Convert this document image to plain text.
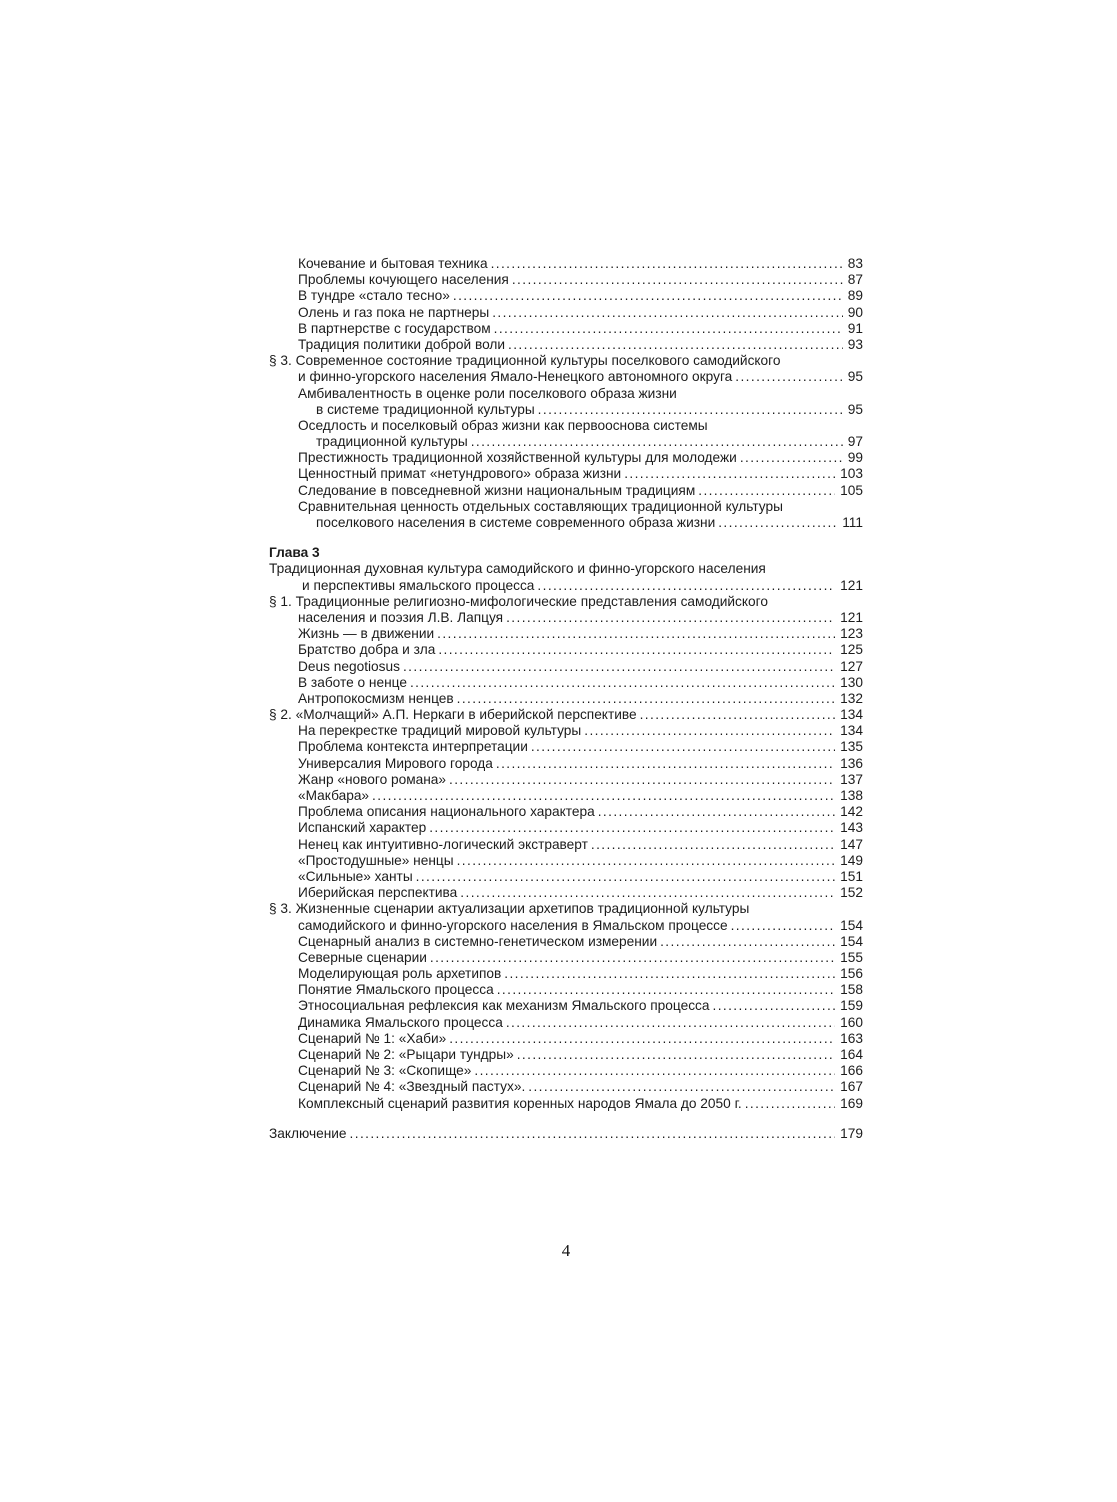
Кочевание и бытовая техника .....	83
Проблемы кочующего населения .....	87
В тундре «стало тесно» .....	89
Олень и газ пока не партнеры .....	90
В партнерстве с государством .....	91
Традиция политики доброй воли .....	93
§ 3. Современное состояние традиционной культуры поселкового самодийского
и финно-угорского населения Ямало-Ненецкого автономного округа .....	95
Амбивалентность в оценке роли поселкового образа жизни
в системе традиционной культуры .....	95
Оседлость и поселковый образ жизни как первооснова системы
традиционной культуры .....	97
Престижность традиционной хозяйственной культуры для молодежи .....	99
Ценностный примат «нетундрового» образа жизни .....	103
Следование в повседневной жизни национальным традициям .....	105
Сравнительная ценность отдельных составляющих традиционной культуры
поселкового населения в системе современного образа жизни .....	111
Глава 3
Традиционная духовная культура самодийского и финно-угорского населения
и перспективы ямальского процесса .....	121
§ 1. Традиционные религиозно-мифологические представления самодийского
населения и поэзия Л.В. Лапцуя .....	121
Жизнь — в движении .....	123
Братство добра и зла .....	125
Deus negotiosus .....	127
В заботе о ненце .....	130
Антропокосмизм ненцев .....	132
§ 2. «Молчащий» А.П. Неркаги в иберийской перспективе .....	134
На перекрестке традиций мировой культуры .....	134
Проблема контекста интерпретации .....	135
Универсалия Мирового города .....	136
Жанр «нового романа» .....	137
«Макбара» .....	138
Проблема описания национального характера .....	142
Испанский характер .....	143
Ненец как интуитивно-логический экстраверт .....	147
«Простодушные» ненцы .....	149
«Сильные» ханты .....	151
Иберийская перспектива .....	152
§ 3. Жизненные сценарии актуализации архетипов традиционной культуры
самодийского и финно-угорского населения в Ямальском процессе .....	154
Сценарный анализ в системно-генетическом измерении .....	154
Северные сценарии .....	155
Моделирующая роль архетипов .....	156
Понятие Ямальского процесса .....	158
Этносоциальная рефлексия как механизм Ямальского процесса .....	159
Динамика Ямальского процесса .....	160
Сценарий № 1: «Хаби» .....	163
Сценарий № 2: «Рыцари тундры» .....	164
Сценарий № 3: «Скопище» .....	166
Сценарий № 4: «Звездный пастух». .....	167
Комплексный сценарий развития коренных народов Ямала до 2050 г. .....	169
Заключение .....	179
4
